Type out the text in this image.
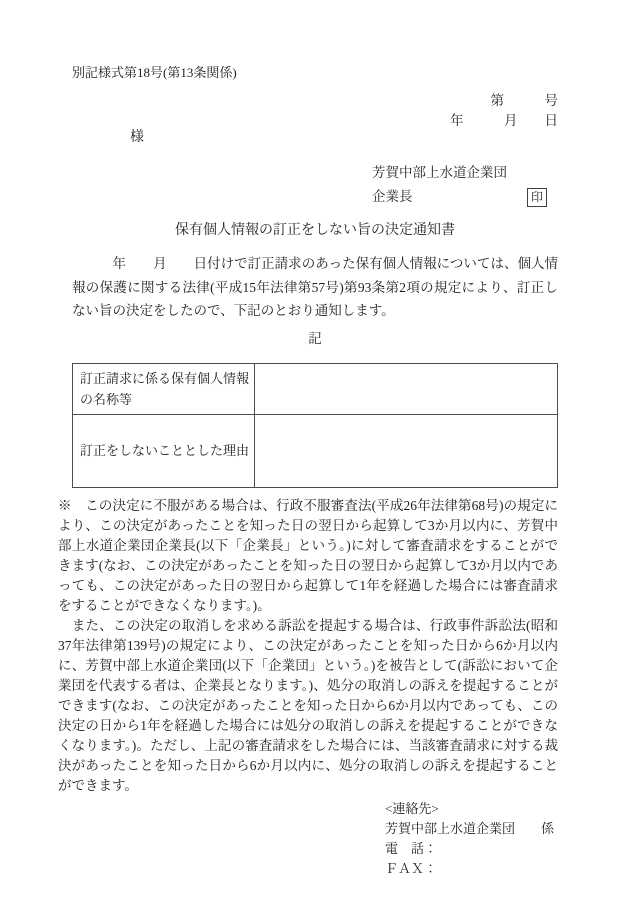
別記様式第18号(第13条関係)
第　　　号
年　　　月　　日
様
芳賀中部上水道企業団
企業長	印
保有個人情報の訂正をしない旨の決定通知書

　　　年　　月　　日付けで訂正請求のあった保有個人情報については、個人情報の保護に関する法律(平成15年法律第57号)第93条第2項の規定により、訂正しない旨の決定をしたので、下記のとおり通知します。

記
訂正請求に係る保有個人情報の名称等	
訂正をしないこととした理由	

※　この決定に不服がある場合は、行政不服審査法(平成26年法律第68号)の規定により、この決定があったことを知った日の翌日から起算して3か月以内に、芳賀中部上水道企業団企業長(以下「企業長」という。)に対して審査請求をすることができます(なお、この決定があったことを知った日の翌日から起算して3か月以内であっても、この決定があった日の翌日から起算して1年を経過した場合には審査請求をすることができなくなります。)。

　また、この決定の取消しを求める訴訟を提起する場合は、行政事件訴訟法(昭和37年法律第139号)の規定により、この決定があったことを知った日から6か月以内に、芳賀中部上水道企業団(以下「企業団」という。)を被告として(訴訟において企業団を代表する者は、企業長となります。)、処分の取消しの訴えを提起することができます(なお、この決定があったことを知った日から6か月以内であっても、この決定の日から1年を経過した場合には処分の取消しの訴えを提起することができなくなります。)。ただし、上記の審査請求をした場合には、当該審査請求に対する裁決があったことを知った日から6か月以内に、処分の取消しの訴えを提起することができます。

<連絡先>
芳賀中部上水道企業団　　係
電　話：
ＦＡＸ：
